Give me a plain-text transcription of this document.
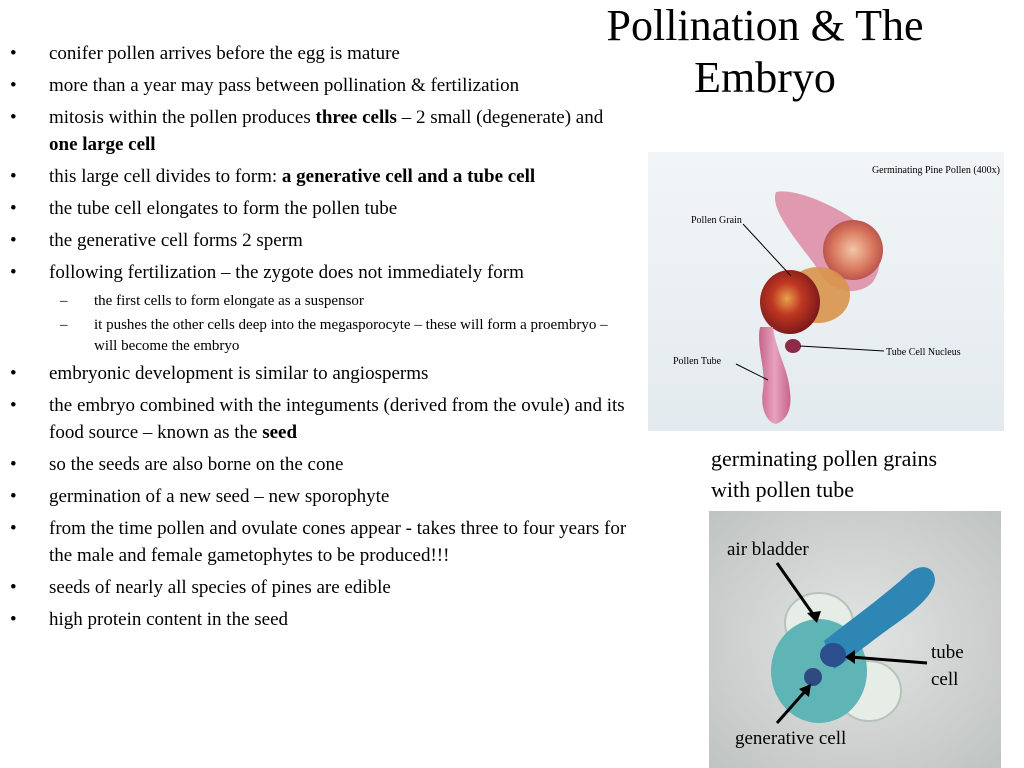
Pollination & The
Embryo
• conifer pollen arrives before the egg is mature
• more than a year may pass between pollination & fertilization
• mitosis within the pollen produces three cells – 2 small (degenerate) and one large cell
• this large cell divides to form: a generative cell and a tube cell
• the tube cell elongates to form the pollen tube
• the generative cell forms 2 sperm
• following fertilization – the zygote does not immediately form
– the first cells to form elongate as a suspensor
– it pushes the other cells deep into the megasporocyte – these will form a proembryo – will become the embryo
• embryonic development is similar to angiosperms
• the embryo combined with the integuments (derived from the ovule) and its food source – known as the seed
• so the seeds are also borne on the cone
• germination of a new seed – new sporophyte
• from the time pollen and ovulate cones appear - takes three to four years for the male and female gametophytes to be produced!!!
• seeds of nearly all species of pines are edible
• high protein content in the seed
Germinating Pine Pollen (400x)
Pollen Grain
Pollen Tube
Tube Cell Nucleus
germinating pollen grains
with pollen tube
air bladder
tube
cell
generative cell
